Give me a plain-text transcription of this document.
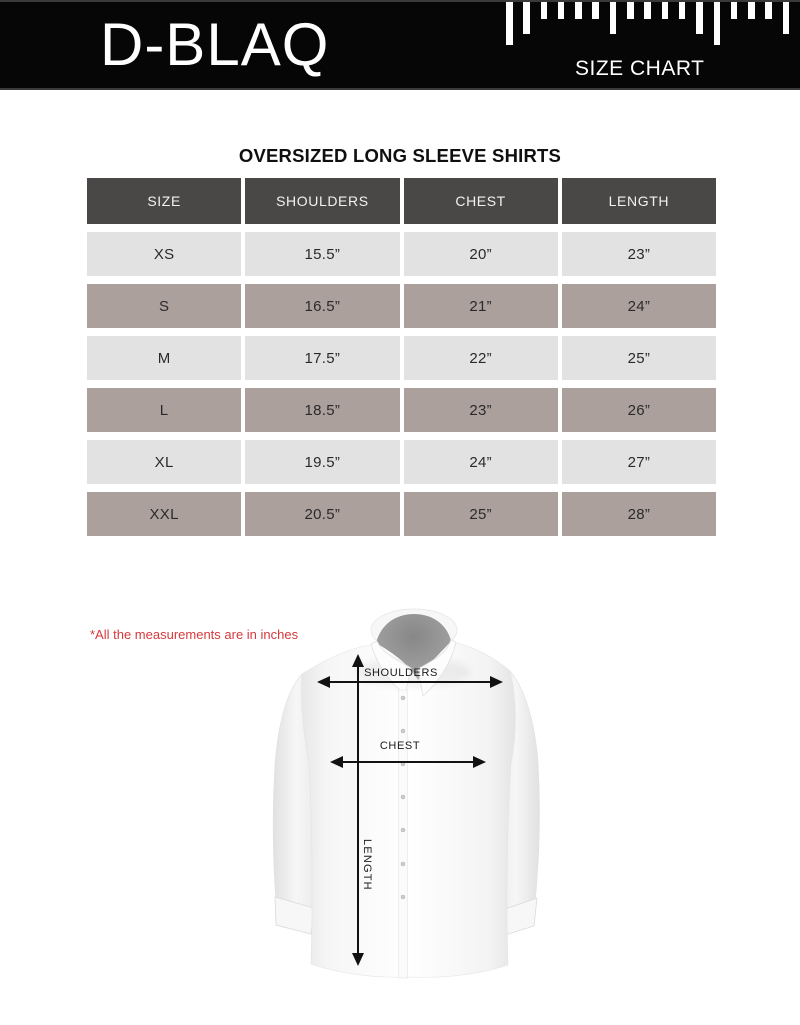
D-BLAQ	SIZE CHART
OVERSIZED LONG SLEEVE SHIRTS
SIZE	SHOULDERS	CHEST	LENGTH
XS	15.5”	20”	23”
S	16.5”	21”	24”
M	17.5”	22”	25”
L	18.5”	23”	26”
XL	19.5”	24”	27”
XXL	20.5”	25”	28”
*All the measurements are in inches
SHOULDERS
CHEST
LENGTH
